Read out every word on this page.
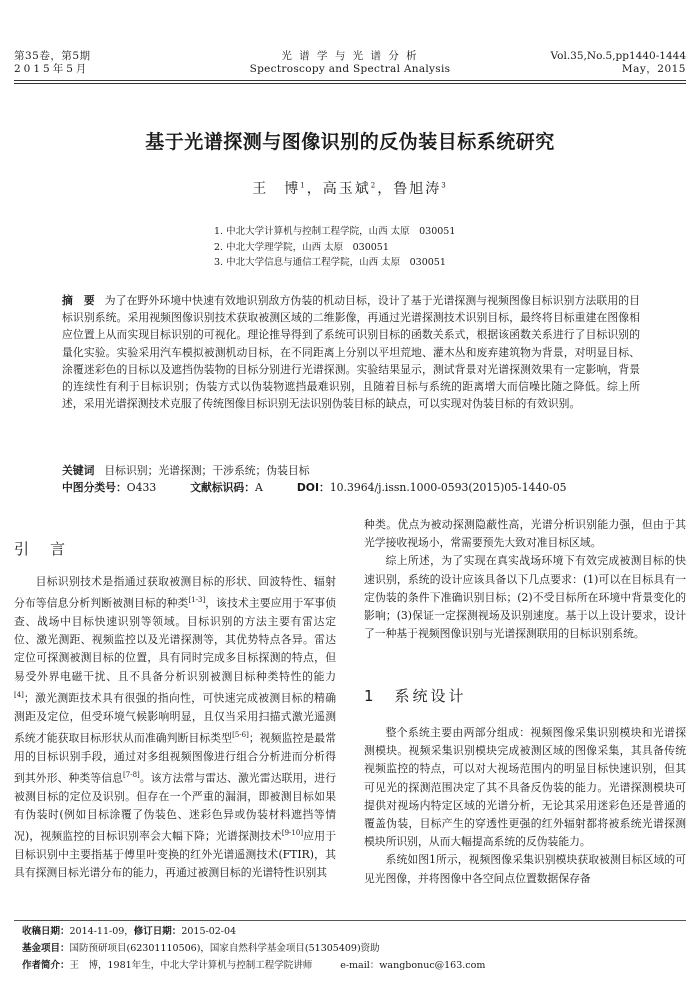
第35卷，第5期
2015年5月
光 谱 学 与 光 谱 分 析
Spectroscopy and Spectral Analysis
Vol.35,No.5,pp1440-1444
May，2015
基于光谱探测与图像识别的反伪装目标系统研究
王　博$^1$，高玉斌$^2$，鲁旭涛$^3$
1. 中北大学计算机与控制工程学院，山西 太原　030051
2. 中北大学理学院，山西 太原　030051
3. 中北大学信息与通信工程学院，山西 太原　030051
摘　要 为了在野外环境中快速有效地识别敌方伪装的机动目标，设计了基于光谱探测与视频图像目标识别方法联用的目标识别系统。采用视频图像识别技术获取被测区域的二维影像，再通过光谱探测技术识别目标，最终将目标重建在图像相应位置上从而实现目标识别的可视化。理论推导得到了系统可识别目标的函数关系式，根据该函数关系进行了目标识别的量化实验。实验采用汽车模拟被测机动目标，在不同距离上分别以平坦荒地、灌木丛和废弃建筑物为背景，对明显目标、涂覆迷彩色的目标以及遮挡伪装物的目标分别进行光谱探测。实验结果显示，测试背景对光谱探测效果有一定影响，背景的连续性有利于目标识别；伪装方式以伪装物遮挡最难识别，且随着目标与系统的距离增大而信噪比随之降低。综上所述，采用光谱探测技术克服了传统图像目标识别无法识别伪装目标的缺点，可以实现对伪装目标的有效识别。
关键词 目标识别；光谱探测；干涉系统；伪装目标
中图分类号：O433	文献标识码：A	DOI：10.3964/j.issn.1000-0593(2015)05-1440-05
引　言

目标识别技术是指通过获取被测目标的形状、回波特性、辐射分布等信息分析判断被测目标的种类[1-3]，该技术主要应用于军事侦查、战场中目标快速识别等领域。目标识别的方法主要有雷达定位、激光测距、视频监控以及光谱探测等，其优势特点各异。雷达定位可探测被测目标的位置，具有同时完成多目标探测的特点，但易受外界电磁干扰、且不具备分析识别被测目标种类特性的能力[4]；激光测距技术具有很强的指向性，可快速完成被测目标的精确测距及定位，但受环境气候影响明显，且仅当采用扫描式激光遥测系统才能获取目标形状从而准确判断目标类型[5-6]；视频监控是最常用的目标识别手段，通过对多组视频图像进行组合分析进而分析得到其外形、种类等信息[7-8]。该方法常与雷达、激光雷达联用，进行被测目标的定位及识别。但存在一个严重的漏洞，即被测目标如果有伪装时(例如目标涂覆了伪装色、迷彩色异或伪装材料遮挡等情况)，视频监控的目标识别率会大幅下降；光谱探测技术[9-10]应用于目标识别中主要指基于傅里叶变换的红外光谱遥测技术(FTIR)，其具有探测目标光谱分布的能力，再通过被测目标的光谱特性识别其

种类。优点为被动探测隐蔽性高，光谱分析识别能力强，但由于其光学接收视场小，常需要预先大致对准目标区域。

综上所述，为了实现在真实战场环境下有效完成被测目标的快速识别，系统的设计应该具备以下几点要求：(1)可以在目标具有一定伪装的条件下准确识别目标；(2)不受目标所在环境中背景变化的影响；(3)保证一定探测视场及识别速度。基于以上设计要求，设计了一种基于视频图像识别与光谱探测联用的目标识别系统。

1　系统设计

整个系统主要由两部分组成：视频图像采集识别模块和光谱探测模块。视频采集识别模块完成被测区域的图像采集，其具备传统视频监控的特点，可以对大视场范围内的明显目标快速识别，但其可见光的探测范围决定了其不具备反伪装的能力。光谱探测模块可提供对视场内特定区域的光谱分析，无论其采用迷彩色还是普通的覆盖伪装，目标产生的穿透性更强的红外辐射都将被系统光谱探测模块所识别，从而大幅提高系统的反伪装能力。

系统如图1所示，视频图像采集识别模块获取被测目标区域的可见光图像，并将图像中各空间点位置数据保存备

收稿日期：2014-11-09，修订日期：2015-02-04
基金项目：国防预研项目(62301110506)，国家自然科学基金项目(51305409)资助
作者简介：王　博，1981年生，中北大学计算机与控制工程学院讲师	e-mail：wangbonuc@163.com
